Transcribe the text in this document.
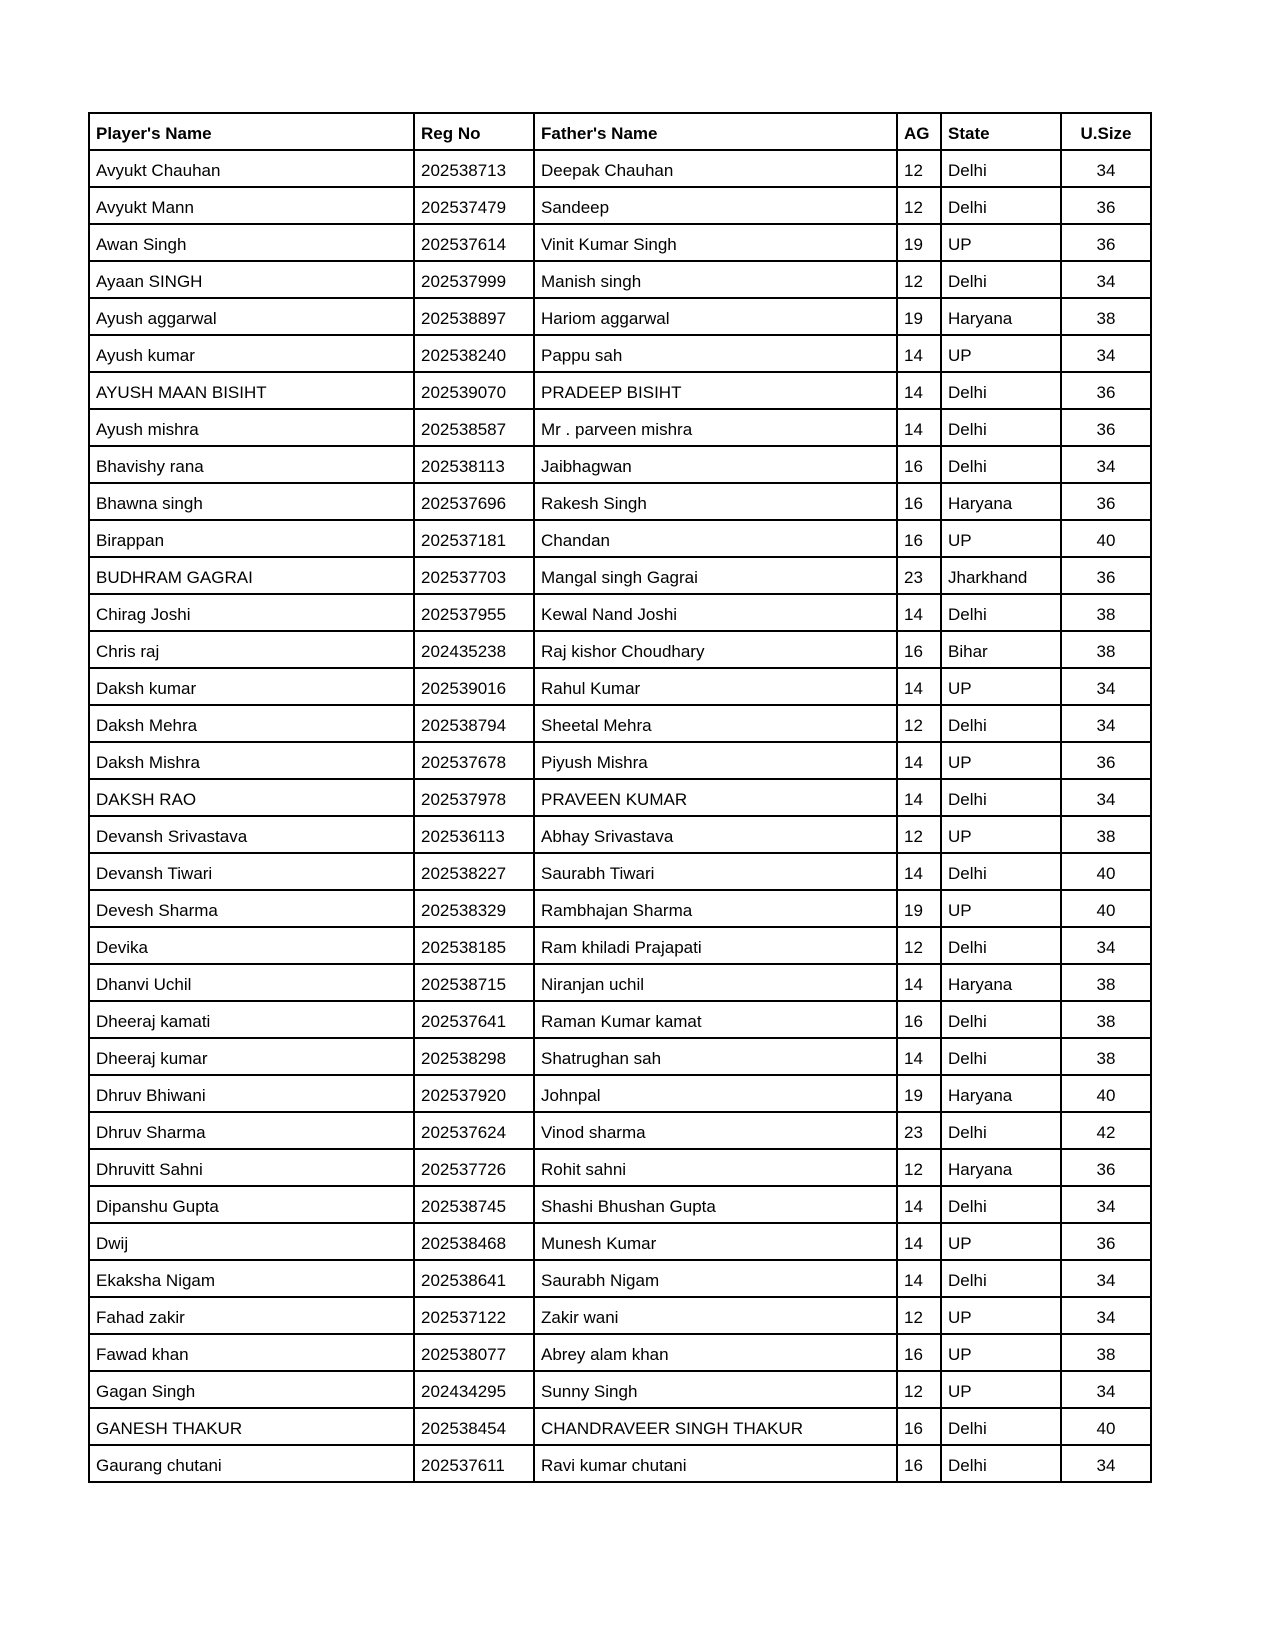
Player's Name	Reg No	Father's Name	AG	State	U.Size
Avyukt Chauhan	202538713	Deepak Chauhan	12	Delhi	34
Avyukt Mann	202537479	Sandeep	12	Delhi	36
Awan Singh	202537614	Vinit Kumar Singh	19	UP	36
Ayaan SINGH	202537999	Manish singh	12	Delhi	34
Ayush aggarwal	202538897	Hariom aggarwal	19	Haryana	38
Ayush kumar	202538240	Pappu sah	14	UP	34
AYUSH MAAN BISIHT	202539070	PRADEEP BISIHT	14	Delhi	36
Ayush mishra	202538587	Mr . parveen mishra	14	Delhi	36
Bhavishy rana	202538113	Jaibhagwan	16	Delhi	34
Bhawna singh	202537696	Rakesh Singh	16	Haryana	36
Birappan	202537181	Chandan	16	UP	40
BUDHRAM GAGRAI	202537703	Mangal singh Gagrai	23	Jharkhand	36
Chirag Joshi	202537955	Kewal Nand Joshi	14	Delhi	38
Chris raj	202435238	Raj kishor Choudhary	16	Bihar	38
Daksh kumar	202539016	Rahul Kumar	14	UP	34
Daksh Mehra	202538794	Sheetal Mehra	12	Delhi	34
Daksh Mishra	202537678	Piyush Mishra	14	UP	36
DAKSH RAO	202537978	PRAVEEN KUMAR	14	Delhi	34
Devansh Srivastava	202536113	Abhay Srivastava	12	UP	38
Devansh Tiwari	202538227	Saurabh Tiwari	14	Delhi	40
Devesh Sharma	202538329	Rambhajan Sharma	19	UP	40
Devika	202538185	Ram khiladi Prajapati	12	Delhi	34
Dhanvi Uchil	202538715	Niranjan uchil	14	Haryana	38
Dheeraj kamati	202537641	Raman Kumar kamat	16	Delhi	38
Dheeraj kumar	202538298	Shatrughan sah	14	Delhi	38
Dhruv Bhiwani	202537920	Johnpal	19	Haryana	40
Dhruv Sharma	202537624	Vinod sharma	23	Delhi	42
Dhruvitt Sahni	202537726	Rohit sahni	12	Haryana	36
Dipanshu Gupta	202538745	Shashi Bhushan Gupta	14	Delhi	34
Dwij	202538468	Munesh Kumar	14	UP	36
Ekaksha Nigam	202538641	Saurabh Nigam	14	Delhi	34
Fahad zakir	202537122	Zakir wani	12	UP	34
Fawad khan	202538077	Abrey alam khan	16	UP	38
Gagan Singh	202434295	Sunny Singh	12	UP	34
GANESH THAKUR	202538454	CHANDRAVEER SINGH THAKUR	16	Delhi	40
Gaurang chutani	202537611	Ravi kumar chutani	16	Delhi	34
